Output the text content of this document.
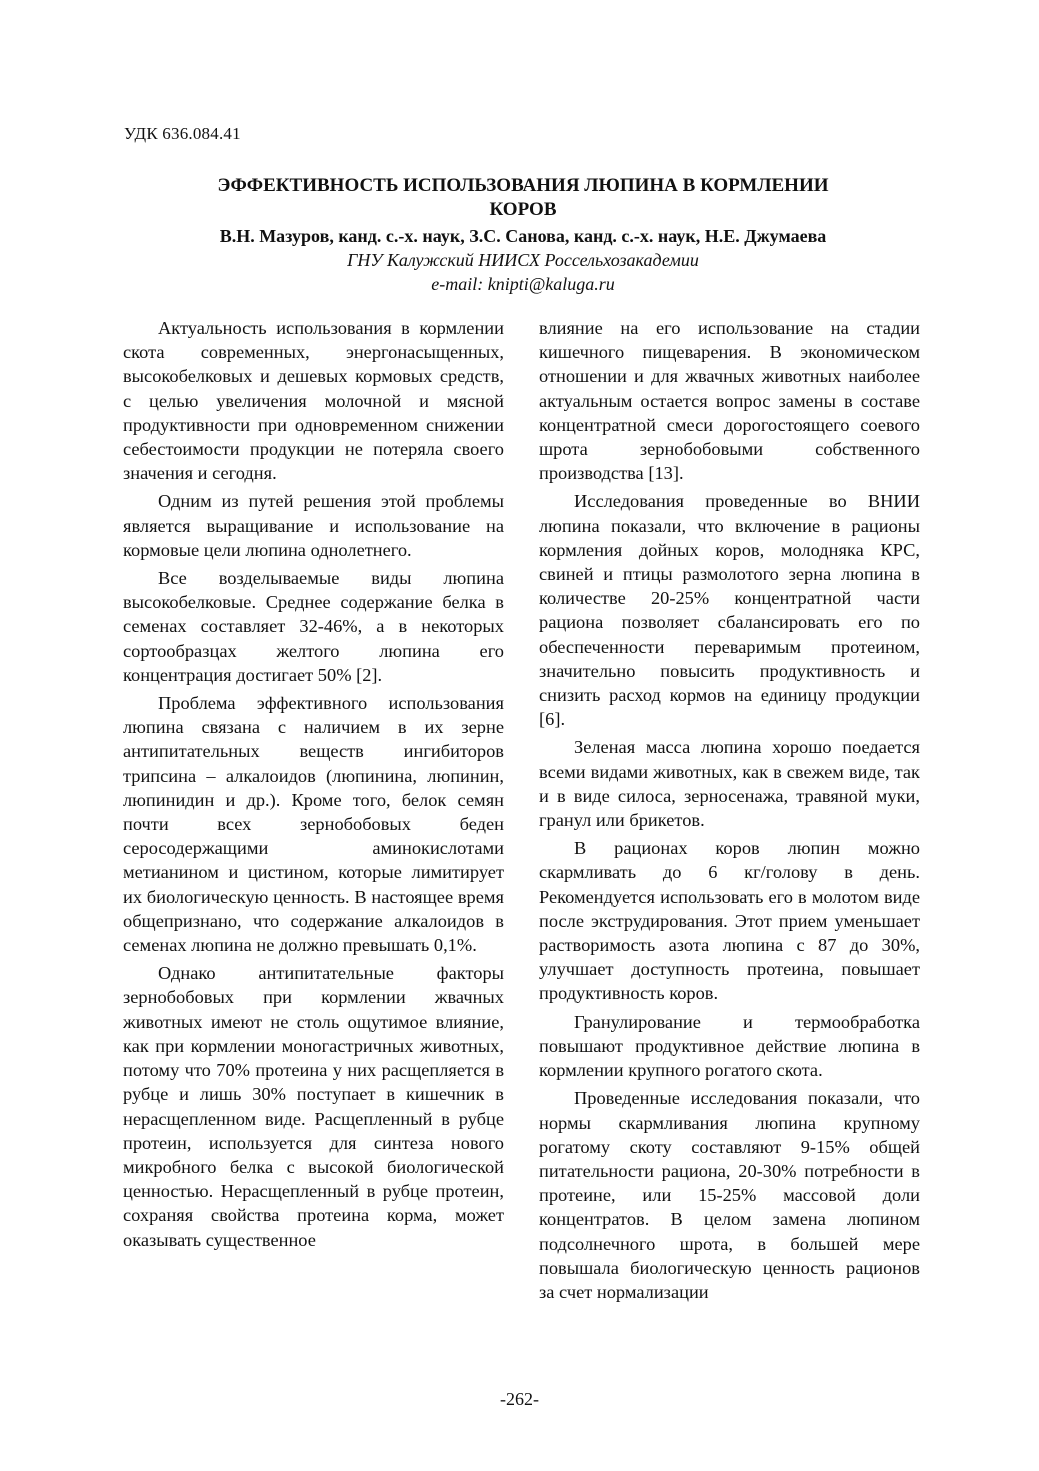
УДК 636.084.41
ЭФФЕКТИВНОСТЬ ИСПОЛЬЗОВАНИЯ ЛЮПИНА В КОРМЛЕНИИ
КОРОВ
В.Н. Мазуров, канд. с.-х. наук, З.С. Санова, канд. с.-х. наук, Н.Е. Джумаева
ГНУ Калужский НИИСХ Россельхозакадемии
e-mail: knipti@kaluga.ru

Актуальность использования в кормлении скота современных, энергонасыщенных, высокобелковых и дешевых кормовых средств, с целью увеличения молочной и мясной продуктивности при одновременном снижении себестоимости продукции не потеряла своего значения и сегодня.

Одним из путей решения этой проблемы является выращивание и использование на кормовые цели люпина однолетнего.

Все возделываемые виды люпина высокобелковые. Среднее содержание белка в семенах составляет 32-46%, а в некоторых сортообразцах желтого люпина его концентрация достигает 50% [2].

Проблема эффективного использования люпина связана с наличием в их зерне антипитательных веществ ингибиторов трипсина – алкалоидов (люпинина, люпинин, люпинидин и др.). Кроме того, белок семян почти всех зернобобовых беден серосодержащими аминокислотами метианином и цистином, которые лимитирует их биологическую ценность. В настоящее время общепризнано, что содержание алкалоидов в семенах люпина не должно превышать 0,1%.

Однако антипитательные факторы зернобобовых при кормлении жвачных животных имеют не столь ощутимое влияние, как при кормлении моногастричных животных, потому что 70% протеина у них расщепляется в рубце и лишь 30% поступает в кишечник в нерасщепленном виде. Расщепленный в рубце протеин, используется для синтеза нового микробного белка с высокой биологической ценностью. Нерасщепленный в рубце протеин, сохраняя свойства протеина корма, может оказывать существенное

влияние на его использование на стадии кишечного пищеварения. В экономическом отношении и для жвачных животных наиболее актуальным остается вопрос замены в составе концентратной смеси дорогостоящего соевого шрота зернобобовыми собственного производства [13].

Исследования проведенные во ВНИИ люпина показали, что включение в рационы кормления дойных коров, молодняка КРС, свиней и птицы размолотого зерна люпина в количестве 20-25% концентратной части рациона позволяет сбалансировать его по обеспеченности переваримым протеином, значительно повысить продуктивность и снизить расход кормов на единицу продукции [6].

Зеленая масса люпина хорошо поедается всеми видами животных, как в свежем виде, так и в виде силоса, зерносенажа, травяной муки, гранул или брикетов.

В рационах коров люпин можно скармливать до 6 кг/голову в день. Рекомендуется использовать его в молотом виде после экструдирования. Этот прием уменьшает растворимость азота люпина с 87 до 30%, улучшает доступность протеина, повышает продуктивность коров.

Гранулирование и термообработка повышают продуктивное действие люпина в кормлении крупного рогатого скота.

Проведенные исследования показали, что нормы скармливания люпина крупному рогатому скоту составляют 9-15% общей питательности рациона, 20-30% потребности в протеине, или 15-25% массовой доли концентратов. В целом замена люпином подсолнечного шрота, в большей мере повышала биологическую ценность рационов за счет нормализации

-262-
